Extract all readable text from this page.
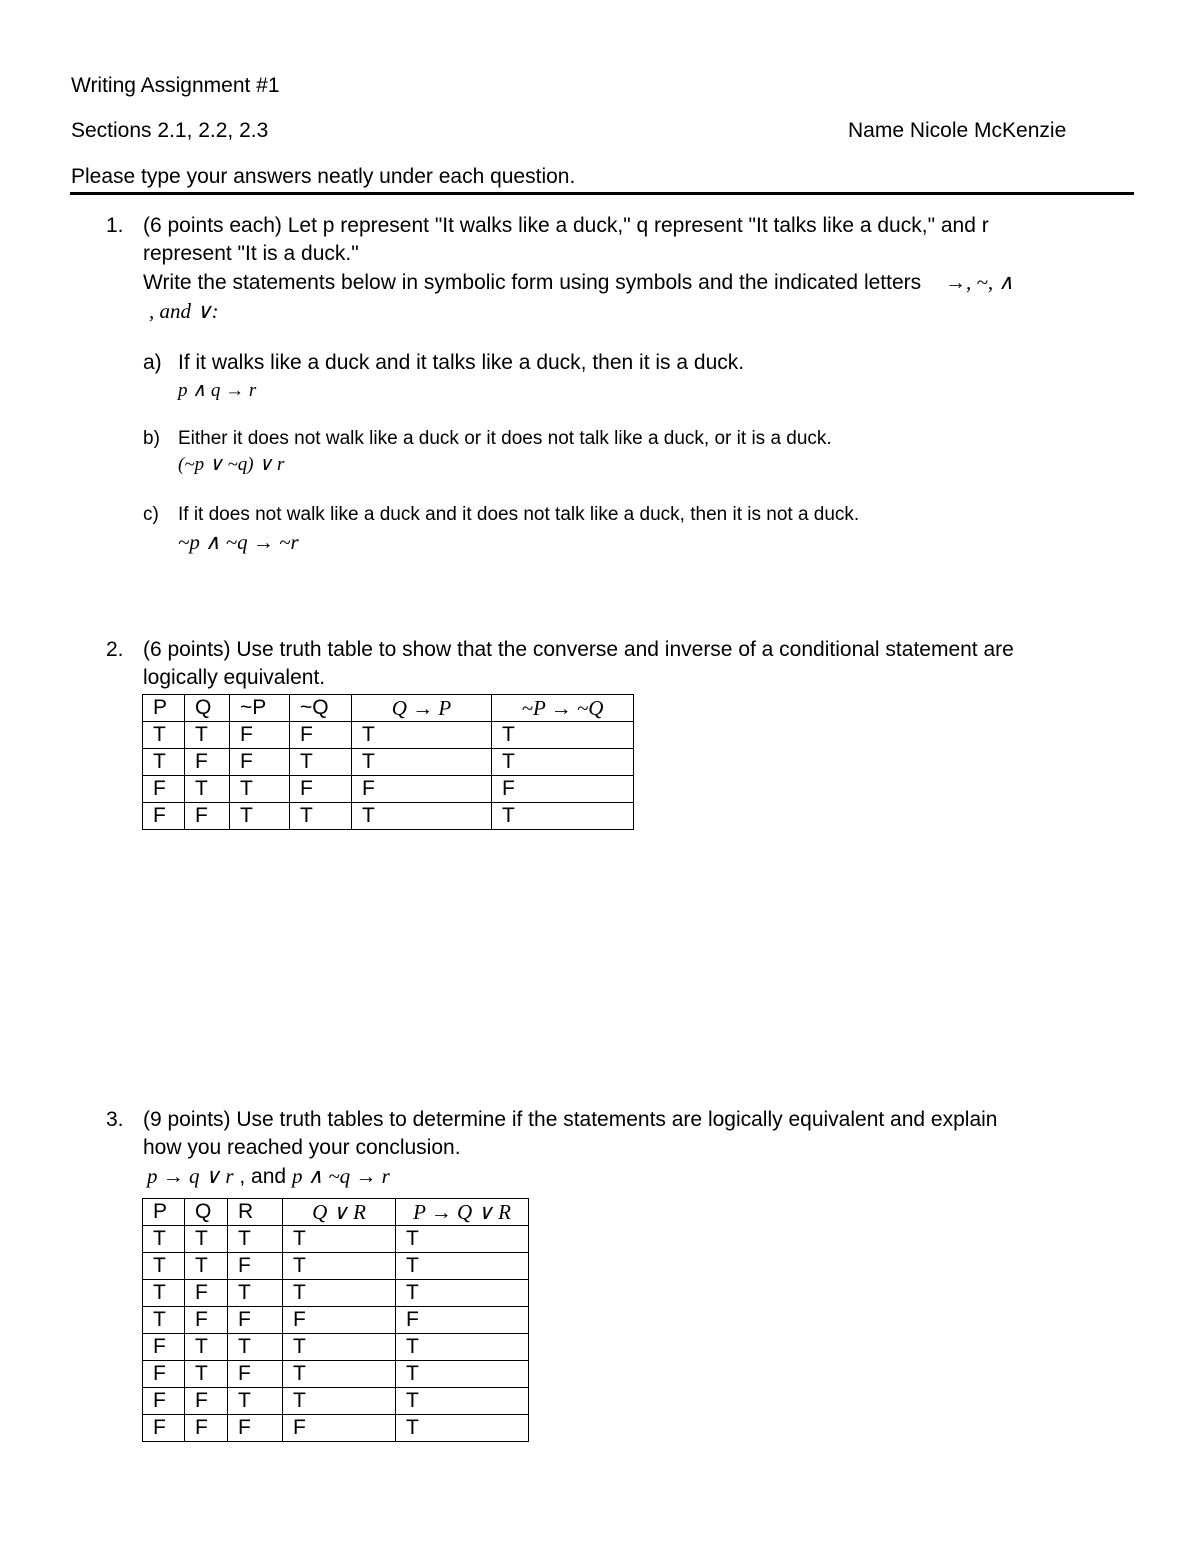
Writing Assignment #1
Sections 2.1, 2.2, 2.3	Name Nicole McKenzie
Please type your answers neatly under each question.
1. (6 points each) Let p represent "It walks like a duck," q represent "It talks like a duck," and r
represent "It is a duck."
Write the statements below in symbolic form using symbols and the indicated letters →, ~, ∧
, and ∨:
a) If it walks like a duck and it talks like a duck, then it is a duck.
p ∧ q → r
b) Either it does not walk like a duck or it does not talk like a duck, or it is a duck.
(~p ∨ ~q) ∨ r
c) If it does not walk like a duck and it does not talk like a duck, then it is not a duck.
~p ∧ ~q → ~r
2. (6 points) Use truth table to show that the converse and inverse of a conditional statement are
logically equivalent.
P	Q	~P	~Q	Q → P	~P → ~Q
T	T	F	F	T	T
T	F	F	T	T	T
F	T	T	F	F	F
F	F	T	T	T	T
3. (9 points) Use truth tables to determine if the statements are logically equivalent and explain
how you reached your conclusion.
p → q ∨ r , and p ∧ ~q → r
P	Q	R	Q ∨ R	P → Q ∨ R
T	T	T	T	T
T	T	F	T	T
T	F	T	T	T
T	F	F	F	F
F	T	T	T	T
F	T	F	T	T
F	F	T	T	T
F	F	F	F	T
